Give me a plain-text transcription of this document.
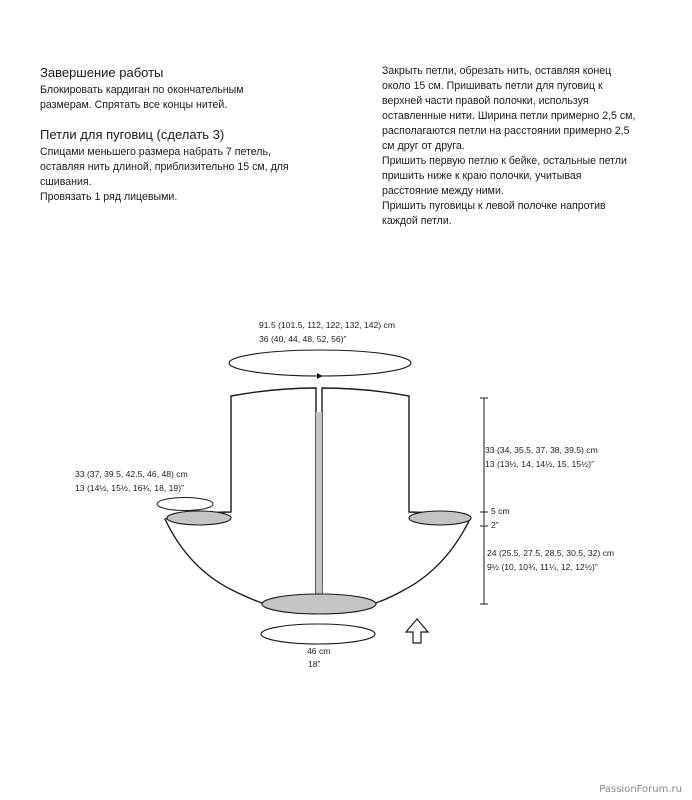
Завершение работы

Блокировать кардиган по окончательным

размерам. Спрятать все концы нитей.

Петли для пуговиц (сделать 3)

Спицами меньшего размера набрать 7 петель,

оставляя нить длиной, приблизительно 15 см, для

сшивания.

Провязать 1 ряд лицевыми.

Закрыть петли, обрезать нить, оставляя конец

около 15 см. Пришивать петли для пуговиц к

верхней части правой полочки, используя

оставленные нити. Ширина петли примерно 2,5 см,

располагаются петли на расстоянии примерно 2,5

см друг от друга.

Пришить первую петлю к бейке, остальные петли

пришить ниже к краю полочки, учитывая

расстояние между ними.

Пришить пуговицы к левой полочке напротив

каждой петли.

91.5 (101.5, 112, 122, 132, 142) cm
36 (40, 44, 48, 52, 56)”
33 (37, 39.5, 42.5, 46, 48) cm
13 (14½, 15½, 16¾, 18, 19)”
33 (34, 35.5, 37, 38, 39.5) cm
13 (13½, 14, 14½, 15, 15½)”
5 cm
2”
24 (25.5, 27.5, 28.5, 30.5, 32) cm
9½ (10, 10¾, 11¼, 12, 12½)”
46 cm
18”
PassionForum.ru
